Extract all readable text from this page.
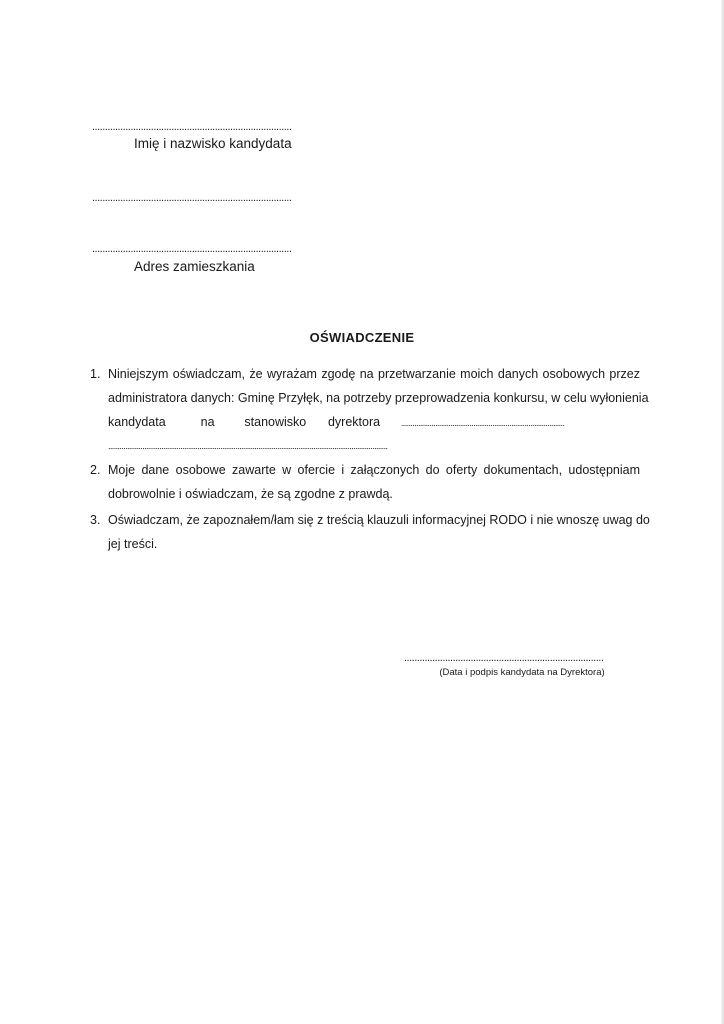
..............................................................................
Imię i nazwisko kandydata
..............................................................................
..............................................................................
Adres zamieszkania
OŚWIADCZENIE
1. Niniejszym oświadczam, że wyrażam zgodę na przetwarzanie moich danych osobowych przez
administratora danych: Gminę Przyłęk, na potrzeby przeprowadzenia konkursu, w celu wyłonienia
kandydata	na	stanowisko	dyrektora	......................................................................................
...................................................................................................................................................
2. Moje dane osobowe zawarte w ofercie i załączonych do oferty dokumentach, udostępniam
dobrowolnie i oświadczam, że są zgodne z prawdą.
3. Oświadczam, że zapoznałem/łam się z treścią klauzuli informacyjnej RODO i nie wnoszę uwag do
jej treści.
..............................................................................
(Data i podpis kandydata na Dyrektora)
